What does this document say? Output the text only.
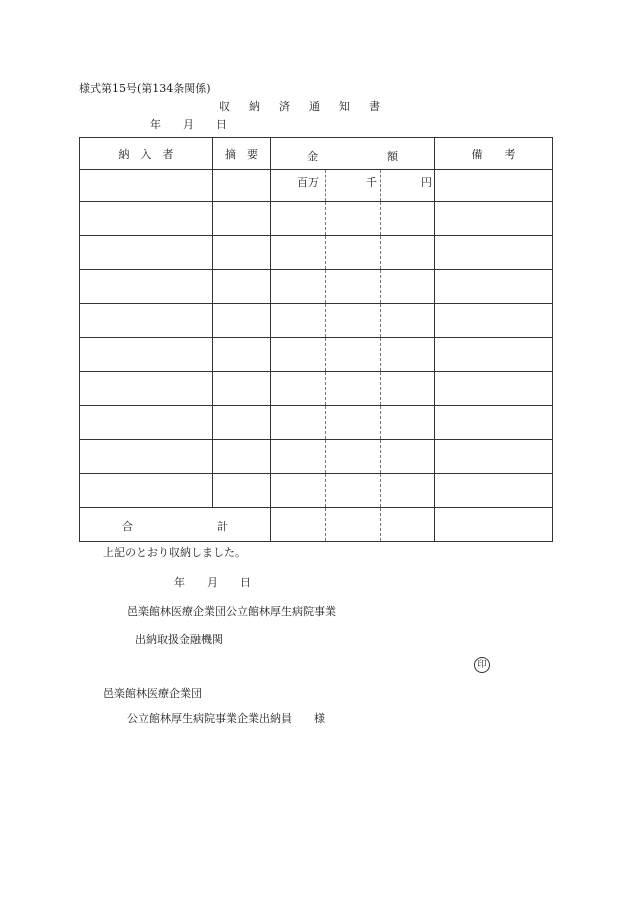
様式第15号(第134条関係)
収　納　済　通　知　書
年　　月　　日
納　入　者	摘　要	金 額			備　　考

		百万	千	円	

合 計					

上記のとおり収納しました。
年　　月　　日
邑楽館林医療企業団公立館林厚生病院事業
出納取扱金融機関
印
邑楽館林医療企業団
公立館林厚生病院事業企業出納員　　様
